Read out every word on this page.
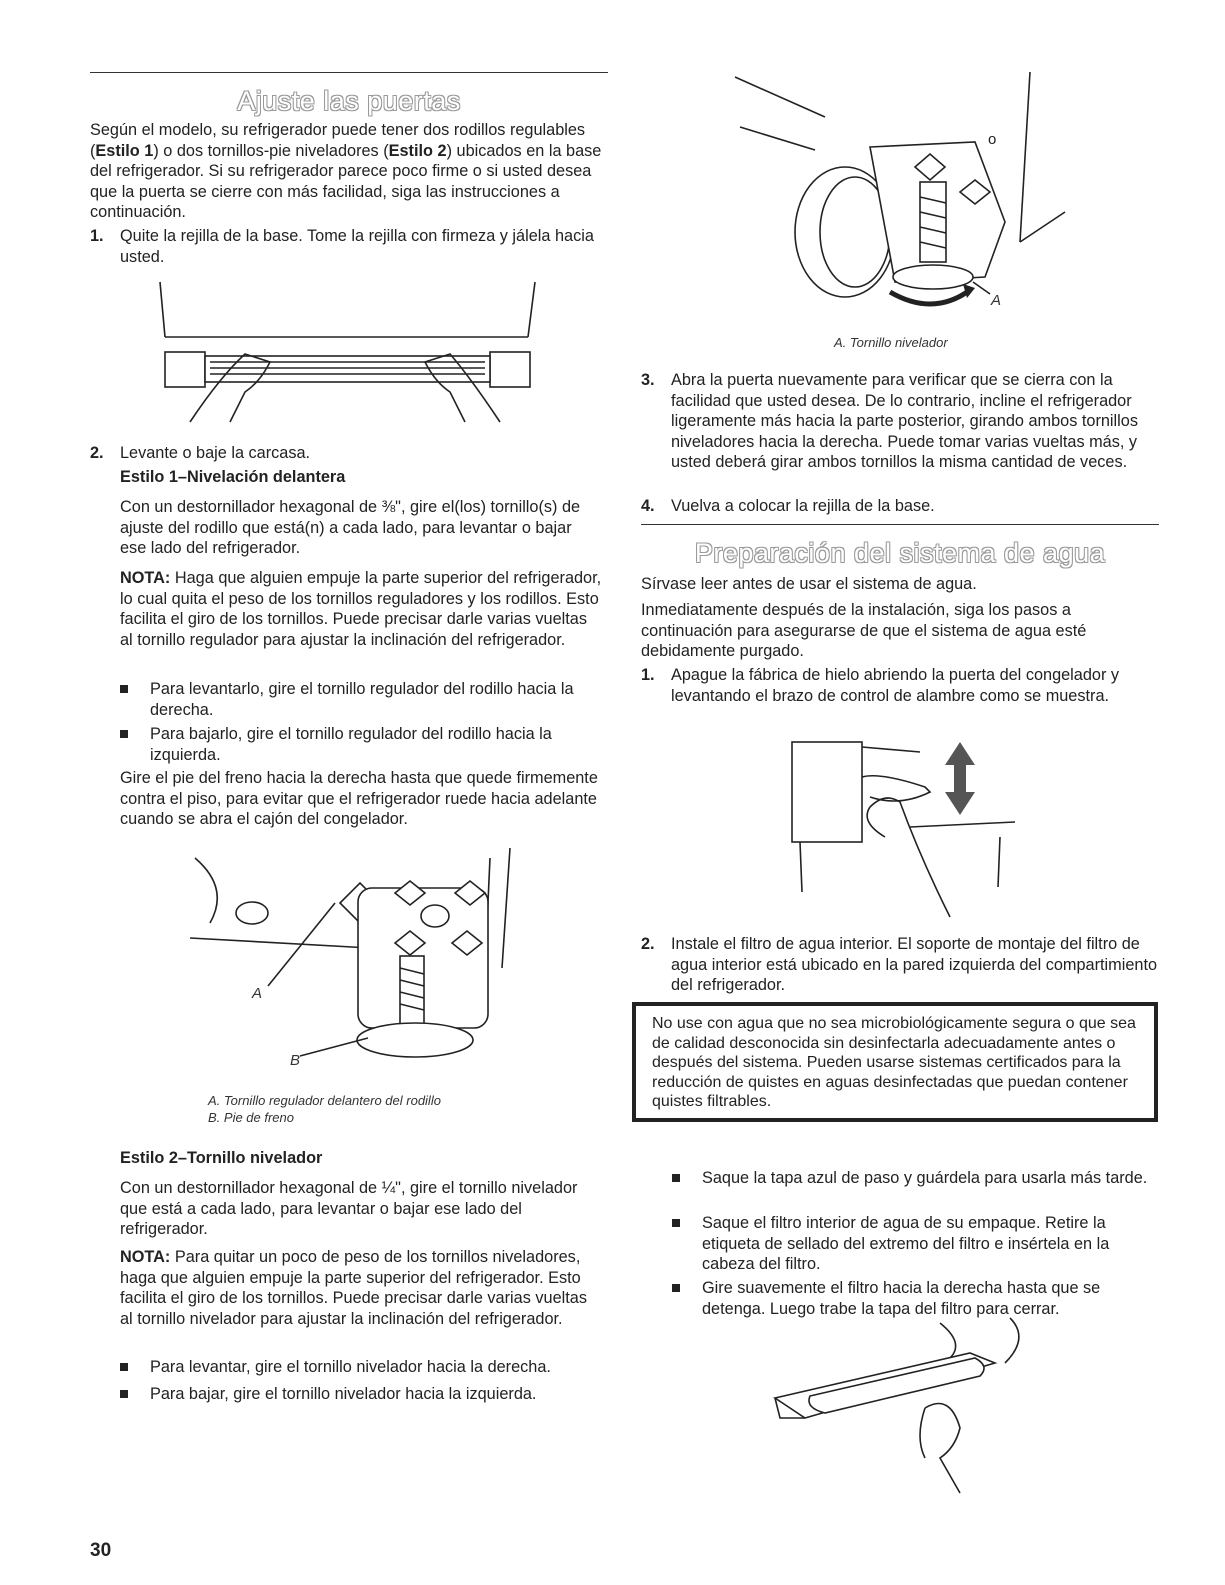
Ajuste las puertas

Según el modelo, su refrigerador puede tener dos rodillos regulables (Estilo 1) o dos tornillos-pie niveladores (Estilo 2) ubicados en la base del refrigerador. Si su refrigerador parece poco firme o si usted desea que la puerta se cierre con más facilidad, siga las instrucciones a continuación.

1. Quite la rejilla de la base. Tome la rejilla con firmeza y jálela hacia usted.
2. Levante o baje la carcasa.
Estilo 1–Nivelación delantera

Con un destornillador hexagonal de ⅜", gire el(los) tornillo(s) de ajuste del rodillo que está(n) a cada lado, para levantar o bajar ese lado del refrigerador.

NOTA: Haga que alguien empuje la parte superior del refrigerador, lo cual quita el peso de los tornillos reguladores y los rodillos. Esto facilita el giro de los tornillos. Puede precisar darle varias vueltas al tornillo regulador para ajustar la inclinación del refrigerador.

Para levantarlo, gire el tornillo regulador del rodillo hacia la derecha.
Para bajarlo, gire el tornillo regulador del rodillo hacia la izquierda.

Gire el pie del freno hacia la derecha hasta que quede firmemente contra el piso, para evitar que el refrigerador ruede hacia adelante cuando se abra el cajón del congelador.

A
B
A. Tornillo regulador delantero del rodillo
B. Pie de freno
Estilo 2–Tornillo nivelador

Con un destornillador hexagonal de ¼", gire el tornillo nivelador que está a cada lado, para levantar o bajar ese lado del refrigerador.

NOTA: Para quitar un poco de peso de los tornillos niveladores, haga que alguien empuje la parte superior del refrigerador. Esto facilita el giro de los tornillos. Puede precisar darle varias vueltas al tornillo nivelador para ajustar la inclinación del refrigerador.

Para levantar, gire el tornillo nivelador hacia la derecha.
Para bajar, gire el tornillo nivelador hacia la izquierda.
30
o
A
A. Tornillo nivelador
3. Abra la puerta nuevamente para verificar que se cierra con la facilidad que usted desea. De lo contrario, incline el refrigerador ligeramente más hacia la parte posterior, girando ambos tornillos niveladores hacia la derecha. Puede tomar varias vueltas más, y usted deberá girar ambos tornillos la misma cantidad de veces.
4. Vuelva a colocar la rejilla de la base.
Preparación del sistema de agua

Sírvase leer antes de usar el sistema de agua.

Inmediatamente después de la instalación, siga los pasos a continuación para asegurarse de que el sistema de agua esté debidamente purgado.

1. Apague la fábrica de hielo abriendo la puerta del congelador y levantando el brazo de control de alambre como se muestra.
2. Instale el filtro de agua interior. El soporte de montaje del filtro de agua interior está ubicado en la pared izquierda del compartimiento del refrigerador.

No use con agua que no sea microbiológicamente segura o que sea de calidad desconocida sin desinfectarla adecuadamente antes o después del sistema. Pueden usarse sistemas certificados para la reducción de quistes en aguas desinfectadas que puedan contener quistes filtrables.

Saque la tapa azul de paso y guárdela para usarla más tarde.
Saque el filtro interior de agua de su empaque. Retire la etiqueta de sellado del extremo del filtro e insértela en la cabeza del filtro.
Gire suavemente el filtro hacia la derecha hasta que se detenga. Luego trabe la tapa del filtro para cerrar.
